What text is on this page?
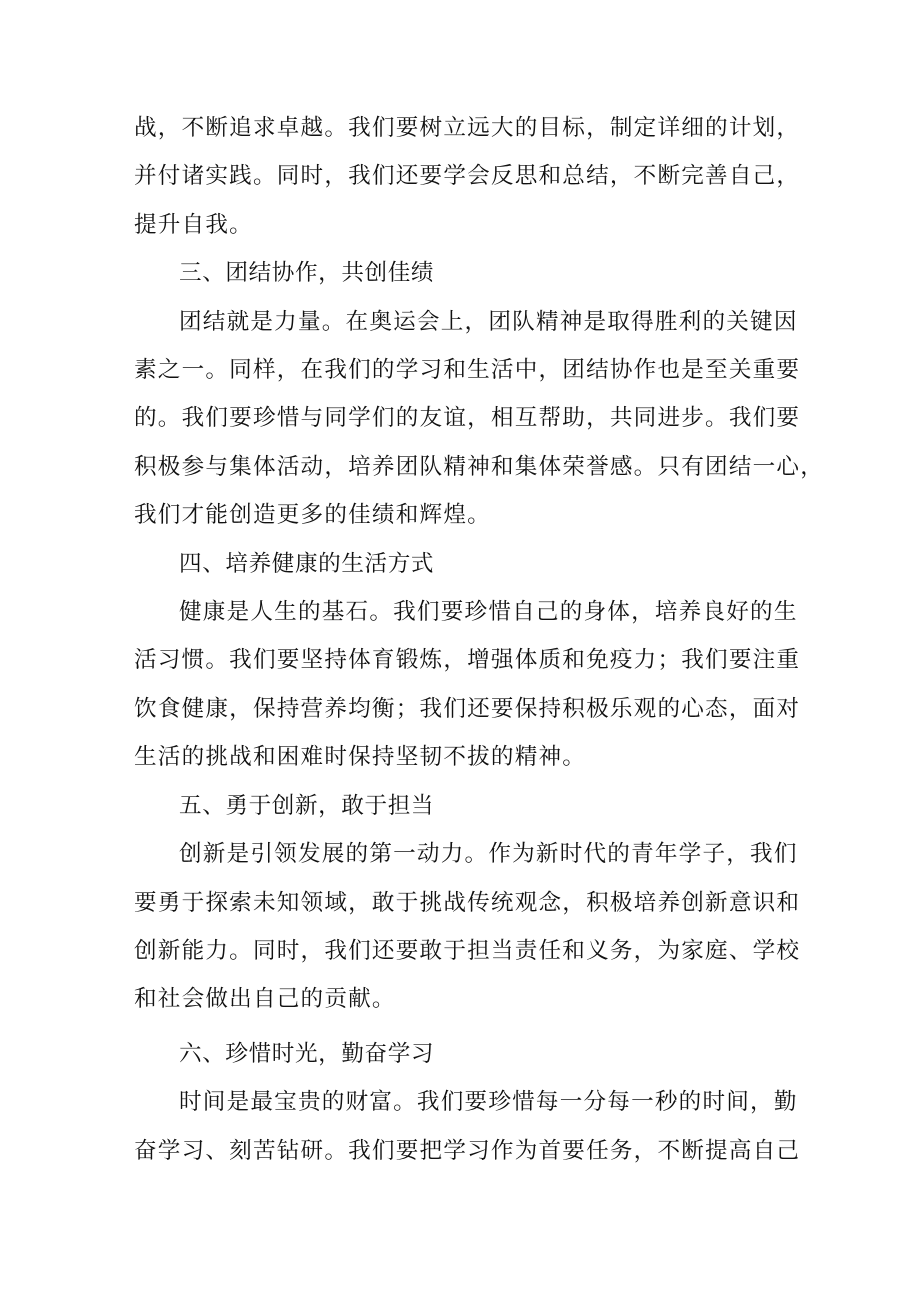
战，不断追求卓越。我们要树立远大的目标，制定详细的计划，
并付诸实践。同时，我们还要学会反思和总结，不断完善自己，
提升自我。

三、团结协作，共创佳绩

团结就是力量。在奥运会上，团队精神是取得胜利的关键因
素之一。同样，在我们的学习和生活中，团结协作也是至关重要
的。我们要珍惜与同学们的友谊，相互帮助，共同进步。我们要
积极参与集体活动，培养团队精神和集体荣誉感。只有团结一心，
我们才能创造更多的佳绩和辉煌。

四、培养健康的生活方式

健康是人生的基石。我们要珍惜自己的身体，培养良好的生
活习惯。我们要坚持体育锻炼，增强体质和免疫力；我们要注重
饮食健康，保持营养均衡；我们还要保持积极乐观的心态，面对
生活的挑战和困难时保持坚韧不拔的精神。

五、勇于创新，敢于担当

创新是引领发展的第一动力。作为新时代的青年学子，我们
要勇于探索未知领域，敢于挑战传统观念，积极培养创新意识和
创新能力。同时，我们还要敢于担当责任和义务，为家庭、学校
和社会做出自己的贡献。

六、珍惜时光，勤奋学习

时间是最宝贵的财富。我们要珍惜每一分每一秒的时间，勤
奋学习、刻苦钻研。我们要把学习作为首要任务，不断提高自己
